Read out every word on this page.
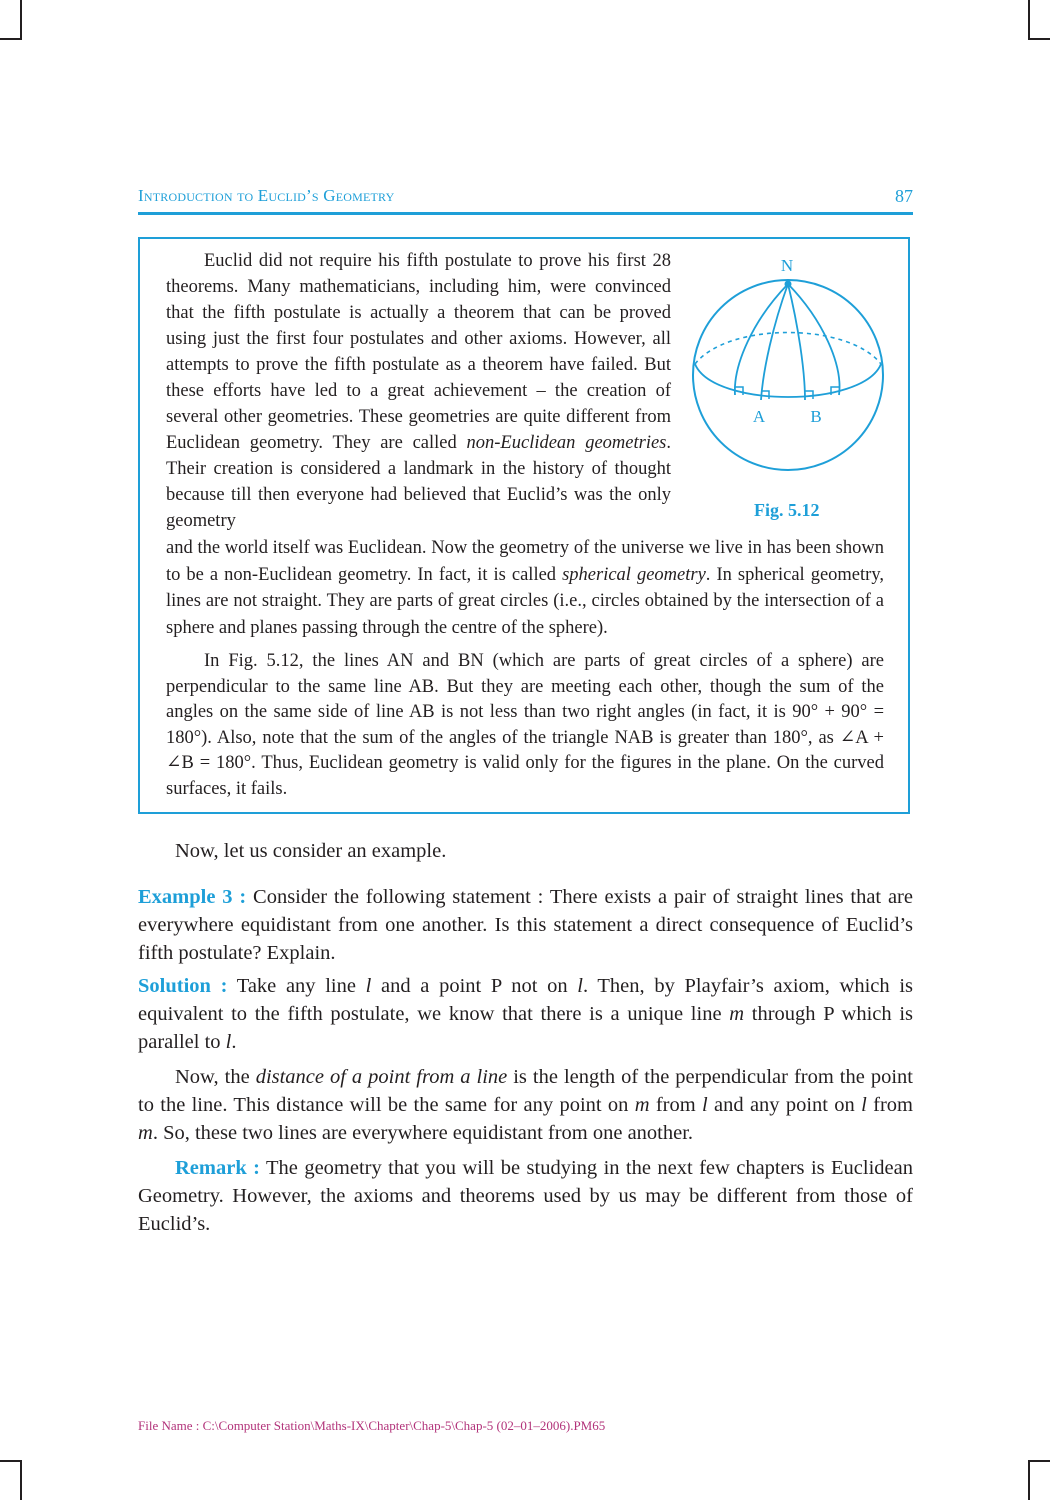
Introduction to Euclid’s Geometry	87

Euclid did not require his fifth postulate to prove his first 28 theorems. Many mathematicians, including him, were convinced that the fifth postulate is actually a theorem that can be proved using just the first four postulates and other axioms. However, all attempts to prove the fifth postulate as a theorem have failed. But these efforts have led to a great achievement – the creation of several other geometries. These geometries are quite different from Euclidean geometry. They are called non-Euclidean geometries. Their creation is considered a landmark in the history of thought because till then everyone had believed that Euclid’s was the only geometry

and the world itself was Euclidean. Now the geometry of the universe we live in has been shown to be a non-Euclidean geometry. In fact, it is called spherical geometry. In spherical geometry, lines are not straight. They are parts of great circles (i.e., circles obtained by the intersection of a sphere and planes passing through the centre of the sphere).

In Fig. 5.12, the lines AN and BN (which are parts of great circles of a sphere) are perpendicular to the same line AB. But they are meeting each other, though the sum of the angles on the same side of line AB is not less than two right angles (in fact, it is 90° + 90° = 180°). Also, note that the sum of the angles of the triangle NAB is greater than 180°, as ∠A + ∠B = 180°. Thus, Euclidean geometry is valid only for the figures in the plane. On the curved surfaces, it fails.

N
A	B
Fig. 5.12

Now, let us consider an example.

Example 3 : Consider the following statement : There exists a pair of straight lines that are everywhere equidistant from one another. Is this statement a direct consequence of Euclid’s fifth postulate? Explain.

Solution : Take any line l and a point P not on l. Then, by Playfair’s axiom, which is equivalent to the fifth postulate, we know that there is a unique line m through P which is parallel to l.

Now, the distance of a point from a line is the length of the perpendicular from the point to the line. This distance will be the same for any point on m from l and any point on l from m. So, these two lines are everywhere equidistant from one another.

Remark : The geometry that you will be studying in the next few chapters is Euclidean Geometry. However, the axioms and theorems used by us may be different from those of Euclid’s.

File Name : C:\Computer Station\Maths-IX\Chapter\Chap-5\Chap-5 (02–01–2006).PM65
